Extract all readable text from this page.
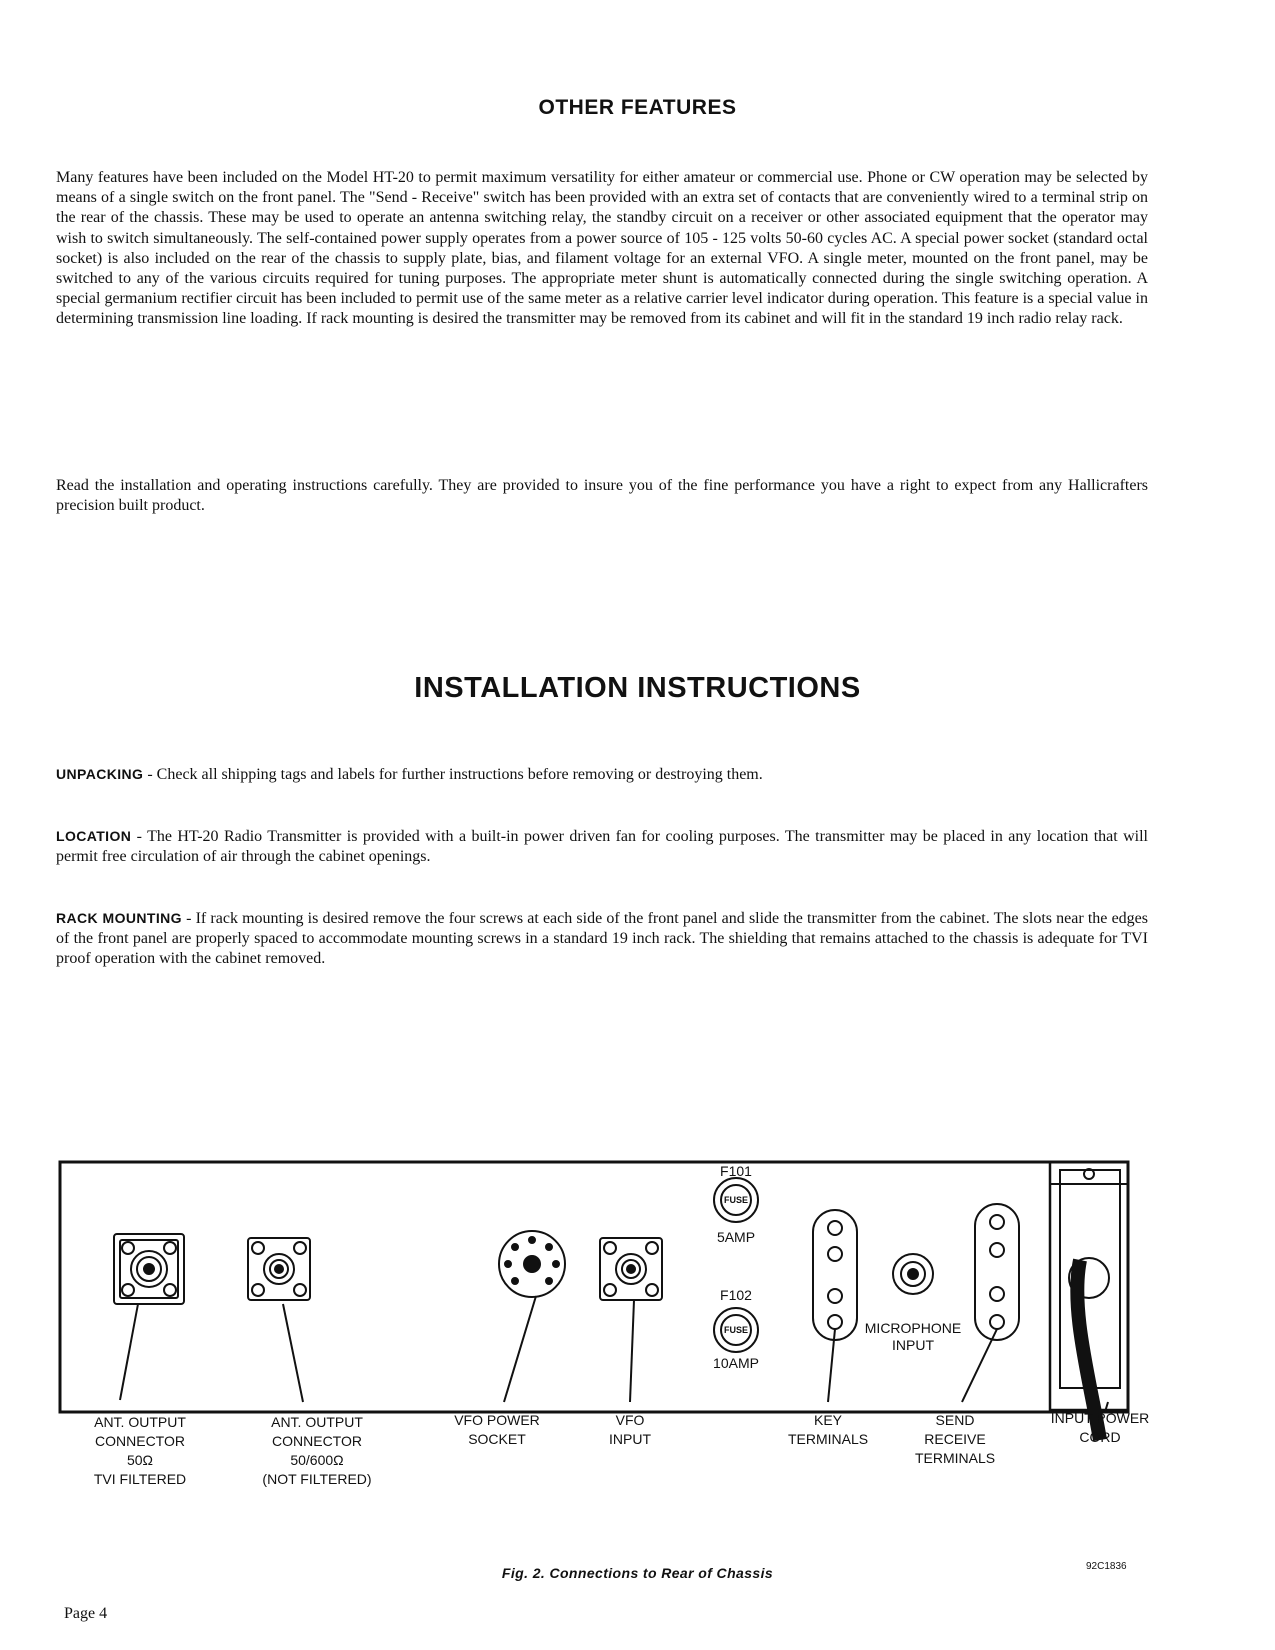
OTHER FEATURES

Many features have been included on the Model HT-20 to permit maximum versatility for either amateur or commercial use. Phone or CW operation may be selected by means of a single switch on the front panel. The "Send - Receive" switch has been provided with an extra set of contacts that are conveniently wired to a terminal strip on the rear of the chassis. These may be used to operate an antenna switching relay, the standby circuit on a receiver or other associated equipment that the operator may wish to switch simultaneously. The self-contained power supply operates from a power source of 105 - 125 volts 50-60 cycles AC. A special power socket (standard octal socket) is also included on the rear of the chassis to supply plate, bias, and filament voltage for an external VFO. A single meter, mounted on the front panel, may be switched to any of the various circuits required for tuning purposes. The appropriate meter shunt is automatically connected during the single switching operation. A special germanium rectifier circuit has been included to permit use of the same meter as a relative carrier level indicator during operation. This feature is a special value in determining transmission line loading. If rack mounting is desired the transmitter may be removed from its cabinet and will fit in the standard 19 inch radio relay rack.

Read the installation and operating instructions carefully. They are provided to insure you of the fine performance you have a right to expect from any Hallicrafters precision built product.

INSTALLATION INSTRUCTIONS

UNPACKING - Check all shipping tags and labels for further instructions before removing or destroying them.

LOCATION - The HT-20 Radio Transmitter is provided with a built-in power driven fan for cooling purposes. The transmitter may be placed in any location that will permit free circulation of air through the cabinet openings.

RACK MOUNTING - If rack mounting is desired remove the four screws at each side of the front panel and slide the transmitter from the cabinet. The slots near the edges of the front panel are properly spaced to accommodate mounting screws in a standard 19 inch rack. The shielding that remains attached to the chassis is adequate for TVI proof operation with the cabinet removed.

FUSE
F101
5AMP
FUSE
F102
10AMP
MICROPHONE
INPUT
ANT. OUTPUT
CONNECTOR
50Ω
TVI FILTERED
ANT. OUTPUT
CONNECTOR
50/600Ω
(NOT FILTERED)
VFO POWER
SOCKET
VFO
INPUT
KEY
TERMINALS
SEND
RECEIVE
TERMINALS
INPUT POWER
CORD
Fig. 2. Connections to Rear of Chassis	92C1836
Page 4
